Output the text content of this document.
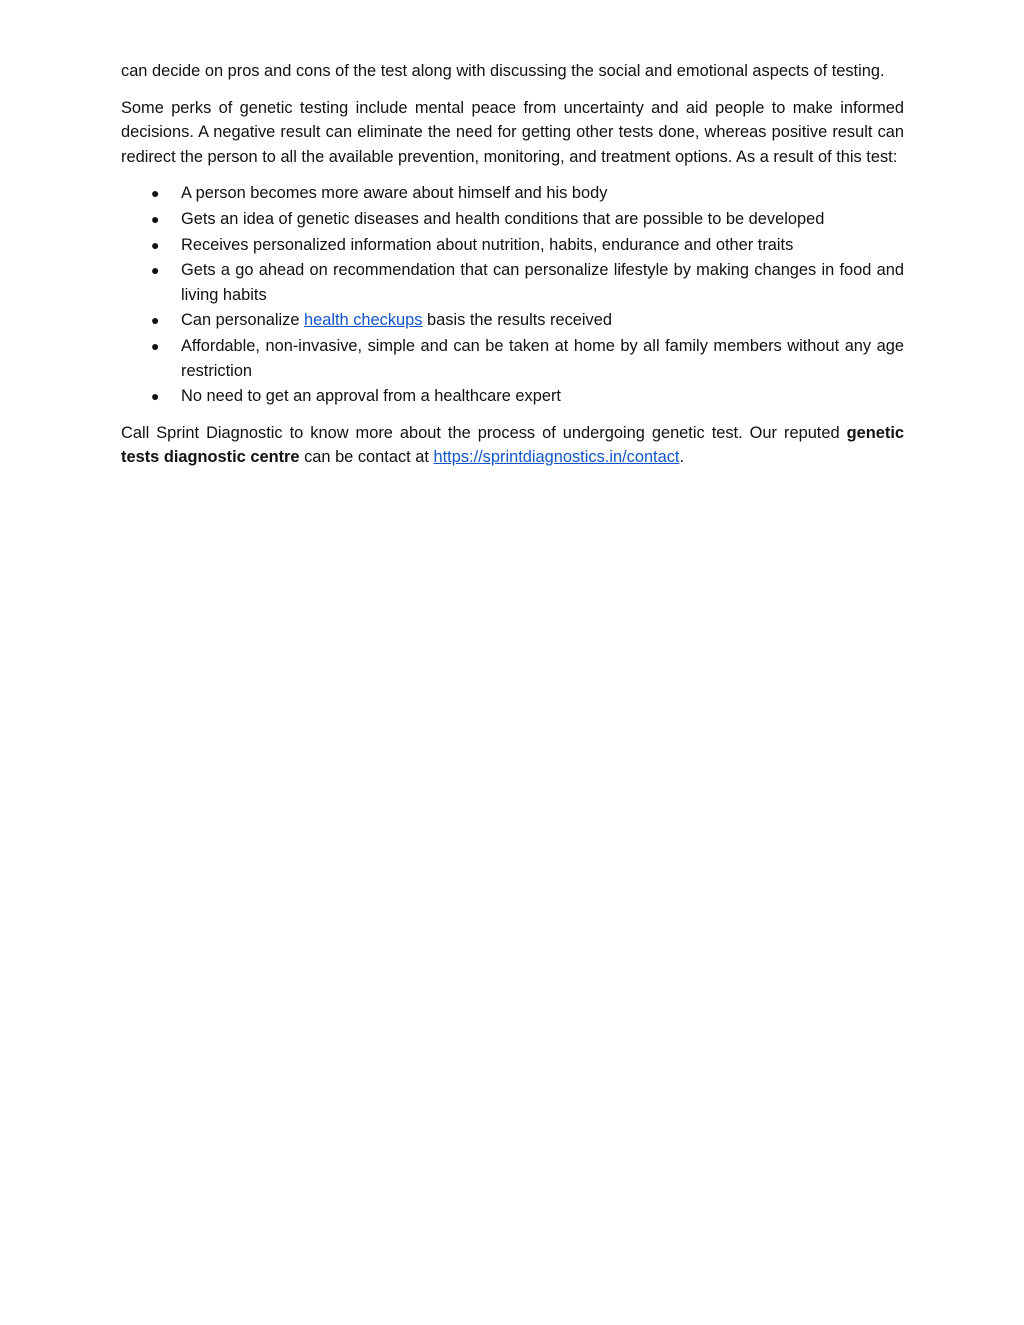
can decide on pros and cons of the test along with discussing the social and emotional aspects of testing.

Some perks of genetic testing include mental peace from uncertainty and aid people to make informed decisions. A negative result can eliminate the need for getting other tests done, whereas positive result can redirect the person to all the available prevention, monitoring, and treatment options. As a result of this test:

● A person becomes more aware about himself and his body
● Gets an idea of genetic diseases and health conditions that are possible to be developed
● Receives personalized information about nutrition, habits, endurance and other traits
● Gets a go ahead on recommendation that can personalize lifestyle by making changes in food and living habits
● Can personalize health checkups basis the results received
● Affordable, non-invasive, simple and can be taken at home by all family members without any age restriction
● No need to get an approval from a healthcare expert

Call Sprint Diagnostic to know more about the process of undergoing genetic test. Our reputed genetic tests diagnostic centre can be contact at https://sprintdiagnostics.in/contact.
